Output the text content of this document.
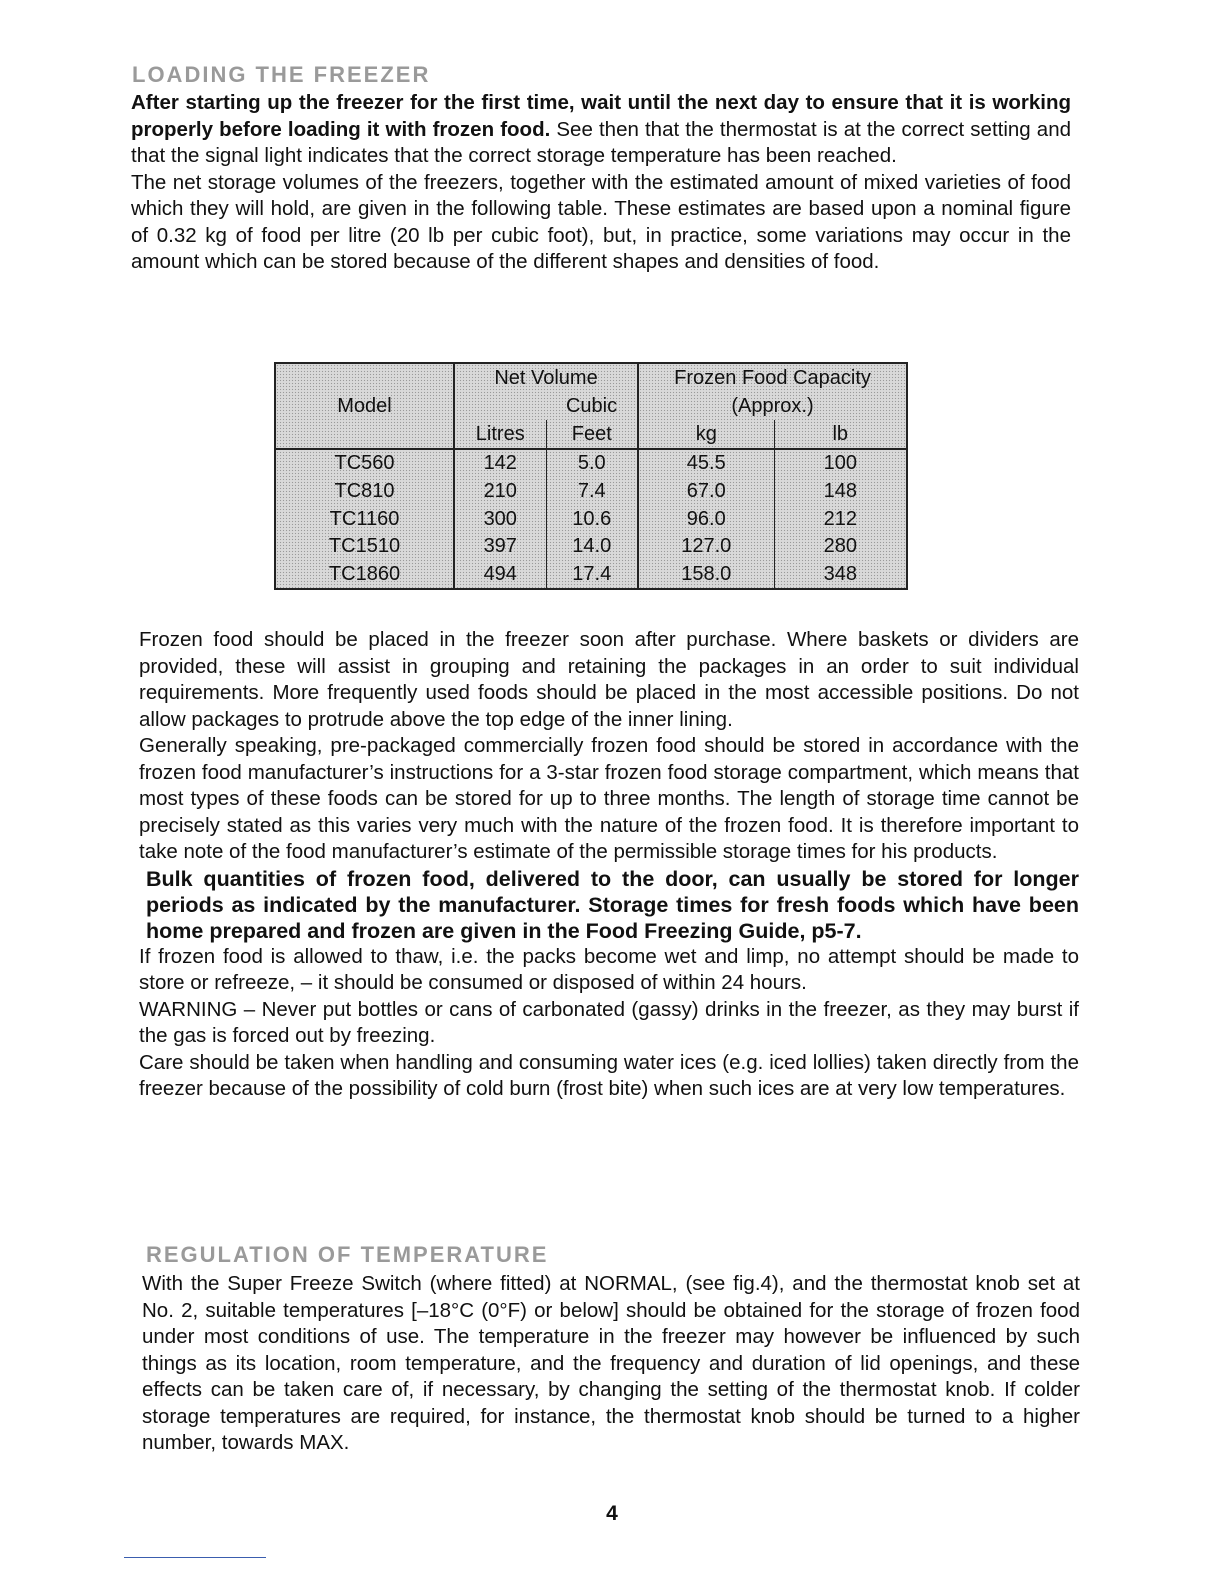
LOADING THE FREEZER

After starting up the freezer for the first time, wait until the next day to ensure that it is working properly before loading it with frozen food. See then that the thermostat is at the correct setting and that the signal light indicates that the correct storage temperature has been reached.

The net storage volumes of the freezers, together with the estimated amount of mixed varieties of food which they will hold, are given in the following table. These estimates are based upon a nominal figure of 0.32 kg of food per litre (20 lb per cubic foot), but, in practice, some variations may occur in the amount which can be stored because of the different shapes and densities of food.

Model	Net Volume		Frozen Food Capacity	
		Cubic	(Approx.)	
	Litres	Feet	kg	lb
TC560	142	5.0	45.5	100
TC810	210	7.4	67.0	148
TC1160	300	10.6	96.0	212
TC1510	397	14.0	127.0	280
TC1860	494	17.4	158.0	348

Frozen food should be placed in the freezer soon after purchase. Where baskets or dividers are provided, these will assist in grouping and retaining the packages in an order to suit individual requirements. More frequently used foods should be placed in the most accessible positions. Do not allow packages to protrude above the top edge of the inner lining.

Generally speaking, pre-packaged commercially frozen food should be stored in accordance with the frozen food manufacturer’s instructions for a 3-star frozen food storage compartment, which means that most types of these foods can be stored for up to three months. The length of storage time cannot be precisely stated as this varies very much with the nature of the frozen food. It is therefore important to take note of the food manufacturer’s estimate of the permissible storage times for his products.

Bulk quantities of frozen food, delivered to the door, can usually be stored for longer periods as indicated by the manufacturer. Storage times for fresh foods which have been home prepared and frozen are given in the Food Freezing Guide, p5-7.

If frozen food is allowed to thaw, i.e. the packs become wet and limp, no attempt should be made to store or refreeze, – it should be consumed or disposed of within 24 hours.

WARNING – Never put bottles or cans of carbonated (gassy) drinks in the freezer, as they may burst if the gas is forced out by freezing.

Care should be taken when handling and consuming water ices (e.g. iced lollies) taken directly from the freezer because of the possibility of cold burn (frost bite) when such ices are at very low temperatures.

REGULATION OF TEMPERATURE

With the Super Freeze Switch (where fitted) at NORMAL, (see fig.4), and the thermostat knob set at No. 2, suitable temperatures [–18°C (0°F) or below] should be obtained for the storage of frozen food under most conditions of use. The temperature in the freezer may however be influenced by such things as its location, room temperature, and the frequency and duration of lid openings, and these effects can be taken care of, if necessary, by changing the setting of the thermostat knob. If colder storage temperatures are required, for instance, the thermostat knob should be turned to a higher number, towards MAX.

4
